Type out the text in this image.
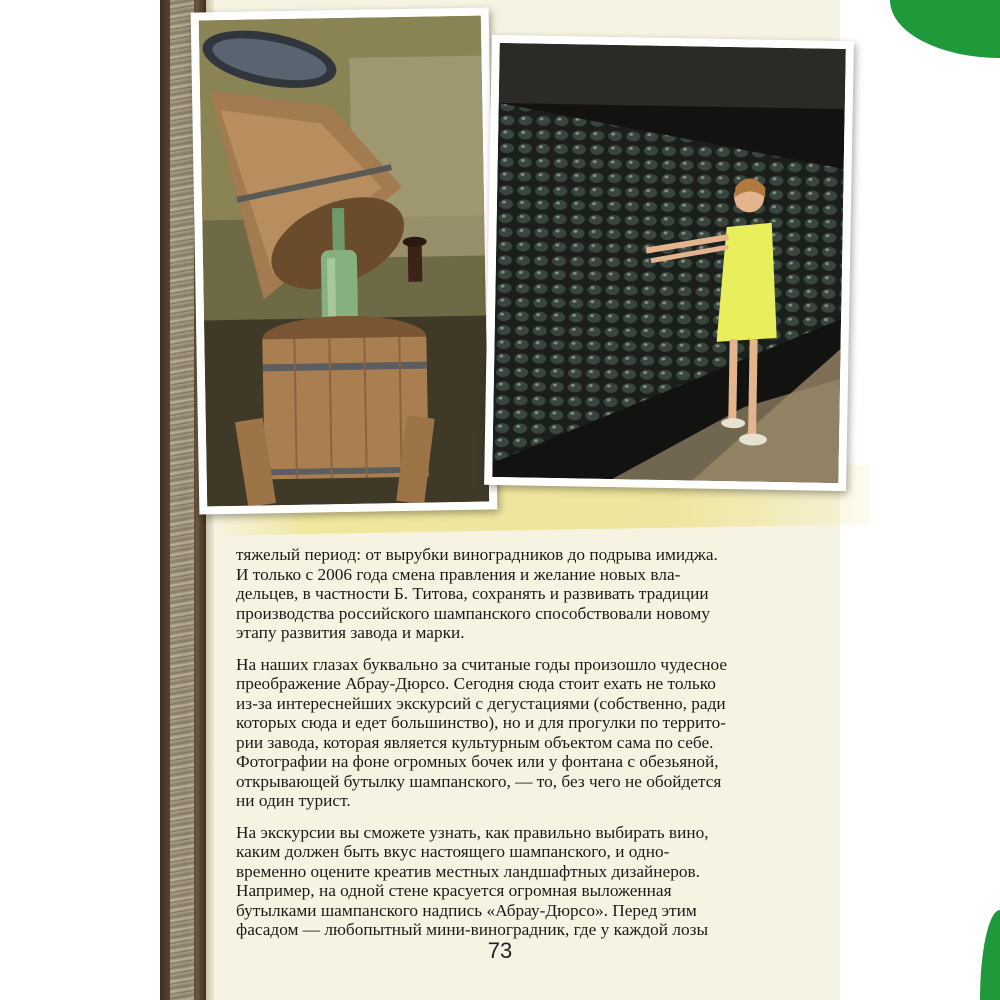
тяжелый период: от вырубки виноградников до подрыва имиджа.
И только с 2006 года смена правления и желание новых вла-
дельцев, в частности Б. Титова, сохранять и развивать традиции
производства российского шампанского способствовали новому
этапу развития завода и марки.

На наших глазах буквально за считаные годы произошло чудесное
преображение Абрау-Дюрсо. Сегодня сюда стоит ехать не только
из-за интереснейших экскурсий с дегустациями (собственно, ради
которых сюда и едет большинство), но и для прогулки по террито-
рии завода, которая является культурным объектом сама по себе.
Фотографии на фоне огромных бочек или у фонтана с обезьяной,
открывающей бутылку шампанского, — то, без чего не обойдется
ни один турист.

На экскурсии вы сможете узнать, как правильно выбирать вино,
каким должен быть вкус настоящего шампанского, и одно-
временно оцените креатив местных ландшафтных дизайнеров.
Например, на одной стене красуется огромная выложенная
бутылками шампанского надпись «Абрау-Дюрсо». Перед этим
фасадом — любопытный мини-виноградник, где у каждой лозы

73
